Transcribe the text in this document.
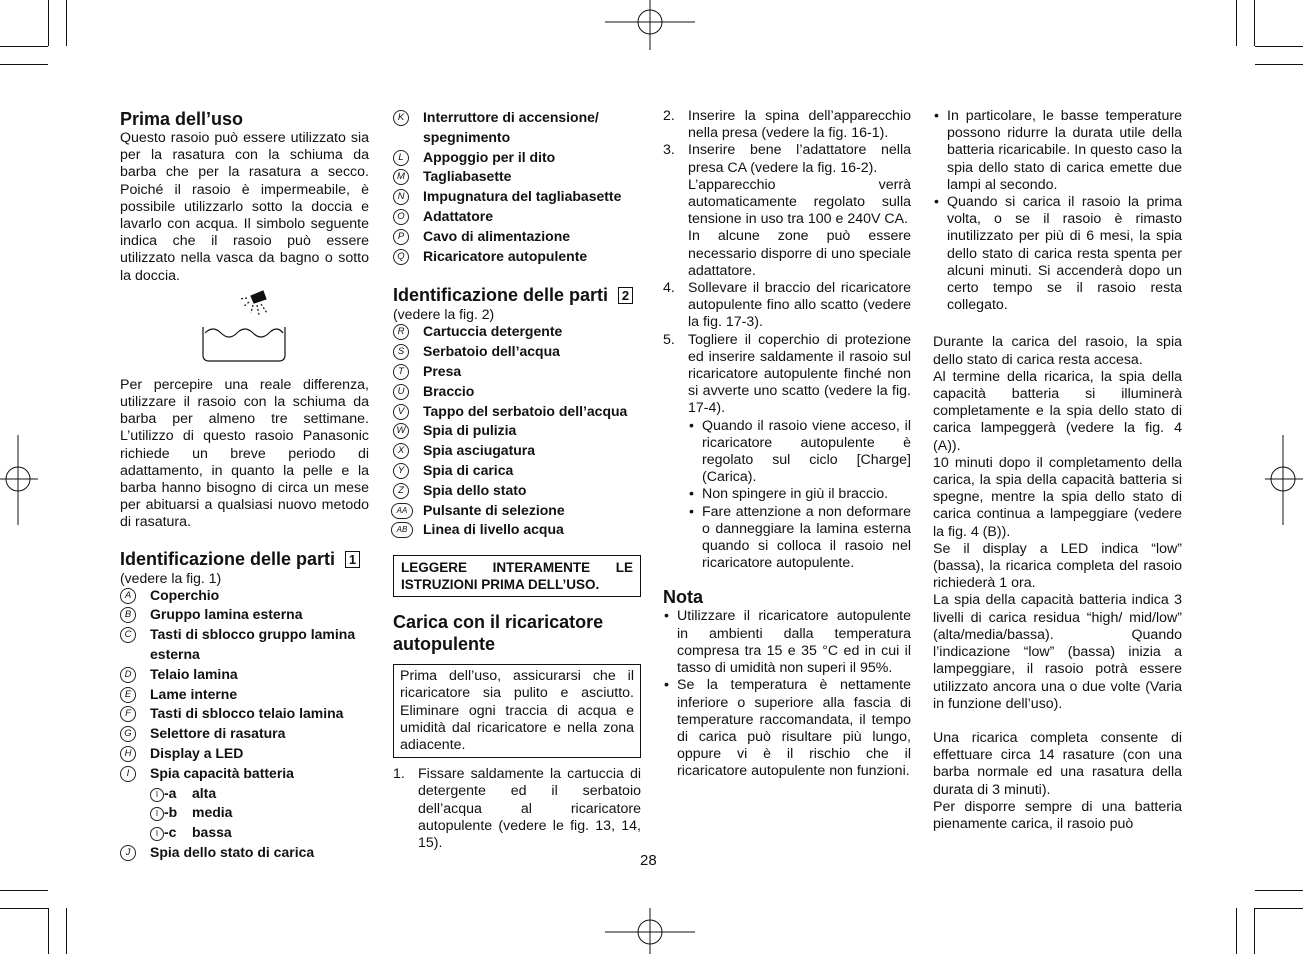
Prima dell’uso

Questo rasoio può essere utilizzato sia per la rasatura con la schiuma da barba che per la rasatura a secco. Poiché il rasoio è impermeabile, è possibile utilizzarlo sotto la doccia e lavarlo con acqua. Il simbolo seguente indica che il rasoio può essere utilizzato nella vasca da bagno o sotto la doccia.

Per percepire una reale differenza, utilizzare il rasoio con la schiuma da barba per almeno tre settimane. L’utilizzo di questo rasoio Panasonic richiede un breve periodo di adattamento, in quanto la pelle e la barba hanno bisogno di circa un mese per abituarsi a qualsiasi nuovo metodo di rasatura.

Identificazione delle parti 1
(vedere la fig. 1)
A	Coperchio
B	Gruppo lamina esterna
C	Tasti di sblocco gruppo lamina esterna
D	Telaio lamina
E	Lame interne
F	Tasti di sblocco telaio lamina
G	Selettore di rasatura
H	Display a LED
I	Spia capacità batteria
I -a alta
I -b media
I -c bassa
J	Spia dello stato di carica
K	Interruttore di accensione/ spegnimento
L	Appoggio per il dito
M Tagliabasette
N	Impugnatura del tagliabasette
O	Adattatore
P	Cavo di alimentazione
Q	Ricaricatore autopulente
Identificazione delle parti 2
(vedere la fig. 2)
R	Cartuccia detergente
S	Serbatoio dell’acqua
T	Presa
U	Braccio
V	Tappo del serbatoio dell’acqua
W Spia di pulizia
X	Spia asciugatura
Y	Spia di carica
Z	Spia dello stato
AA	Pulsante di selezione
AB	Linea di livello acqua
LEGGERE INTERAMENTE LE ISTRUZIONI PRIMA DELL’USO.
Carica con il ricaricatore autopulente
Prima dell’uso, assicurarsi che il ricaricatore sia pulito e asciutto. Eliminare ogni traccia di acqua e umidità dal ricaricatore e nella zona adiacente.
1. Fissare saldamente la cartuccia di detergente ed il serbatoio dell’acqua al ricaricatore autopulente (vedere le fig. 13, 14, 15).
2. Inserire la spina dell’apparecchio nella presa (vedere la fig. 16-1).
3. Inserire bene l’adattatore nella presa CA (vedere la fig. 16-2).
L’apparecchio verrà automaticamente regolato sulla tensione in uso tra 100 e 240V CA.
In alcune zone può essere necessario disporre di uno speciale adattatore.
4. Sollevare il braccio del ricaricatore autopulente fino allo scatto (vedere la fig. 17-3).
5. Togliere il coperchio di protezione ed inserire saldamente il rasoio sul ricaricatore autopulente finché non si avverte uno scatto (vedere la fig. 17-4).
• Quando il rasoio viene acceso, il ricaricatore autopulente è regolato sul ciclo [Charge] (Carica).
• Non spingere in giù il braccio.
• Fare attenzione a non deformare o danneggiare la lamina esterna quando si colloca il rasoio nel ricaricatore autopulente.
Nota
• Utilizzare il ricaricatore autopulente in ambienti dalla temperatura compresa tra 15 e 35 °C ed in cui il tasso di umidità non superi il 95%.
• Se la temperatura è nettamente inferiore o superiore alla fascia di temperature raccomandata, il tempo di carica può risultare più lungo, oppure vi è il rischio che il ricaricatore autopulente non funzioni.
• In particolare, le basse temperature possono ridurre la durata utile della batteria ricaricabile. In questo caso la spia dello stato di carica emette due lampi al secondo.
• Quando si carica il rasoio la prima volta, o se il rasoio è rimasto inutilizzato per più di 6 mesi, la spia dello stato di carica resta spenta per alcuni minuti. Si accenderà dopo un certo tempo se il rasoio resta collegato.

Durante la carica del rasoio, la spia dello stato di carica resta accesa.

Al termine della ricarica, la spia della capacità batteria si illuminerà completamente e la spia dello stato di carica lampeggerà (vedere la fig. 4 (A)).

10 minuti dopo il completamento della carica, la spia della capacità batteria si spegne, mentre la spia dello stato di carica continua a lampeggiare (vedere la fig. 4 (B)).

Se il display a LED indica “low” (bassa), la ricarica completa del rasoio richiederà 1 ora.

La spia della capacità batteria indica 3 livelli di carica residua “high/ mid/low” (alta/media/bassa). Quando l’indicazione “low” (bassa) inizia a lampeggiare, il rasoio potrà essere utilizzato ancora una o due volte (Varia in funzione dell’uso).

Una ricarica completa consente di effettuare circa 14 rasature (con una barba normale ed una rasatura della durata di 3 minuti).

Per disporre sempre di una batteria pienamente carica, il rasoio può

28
